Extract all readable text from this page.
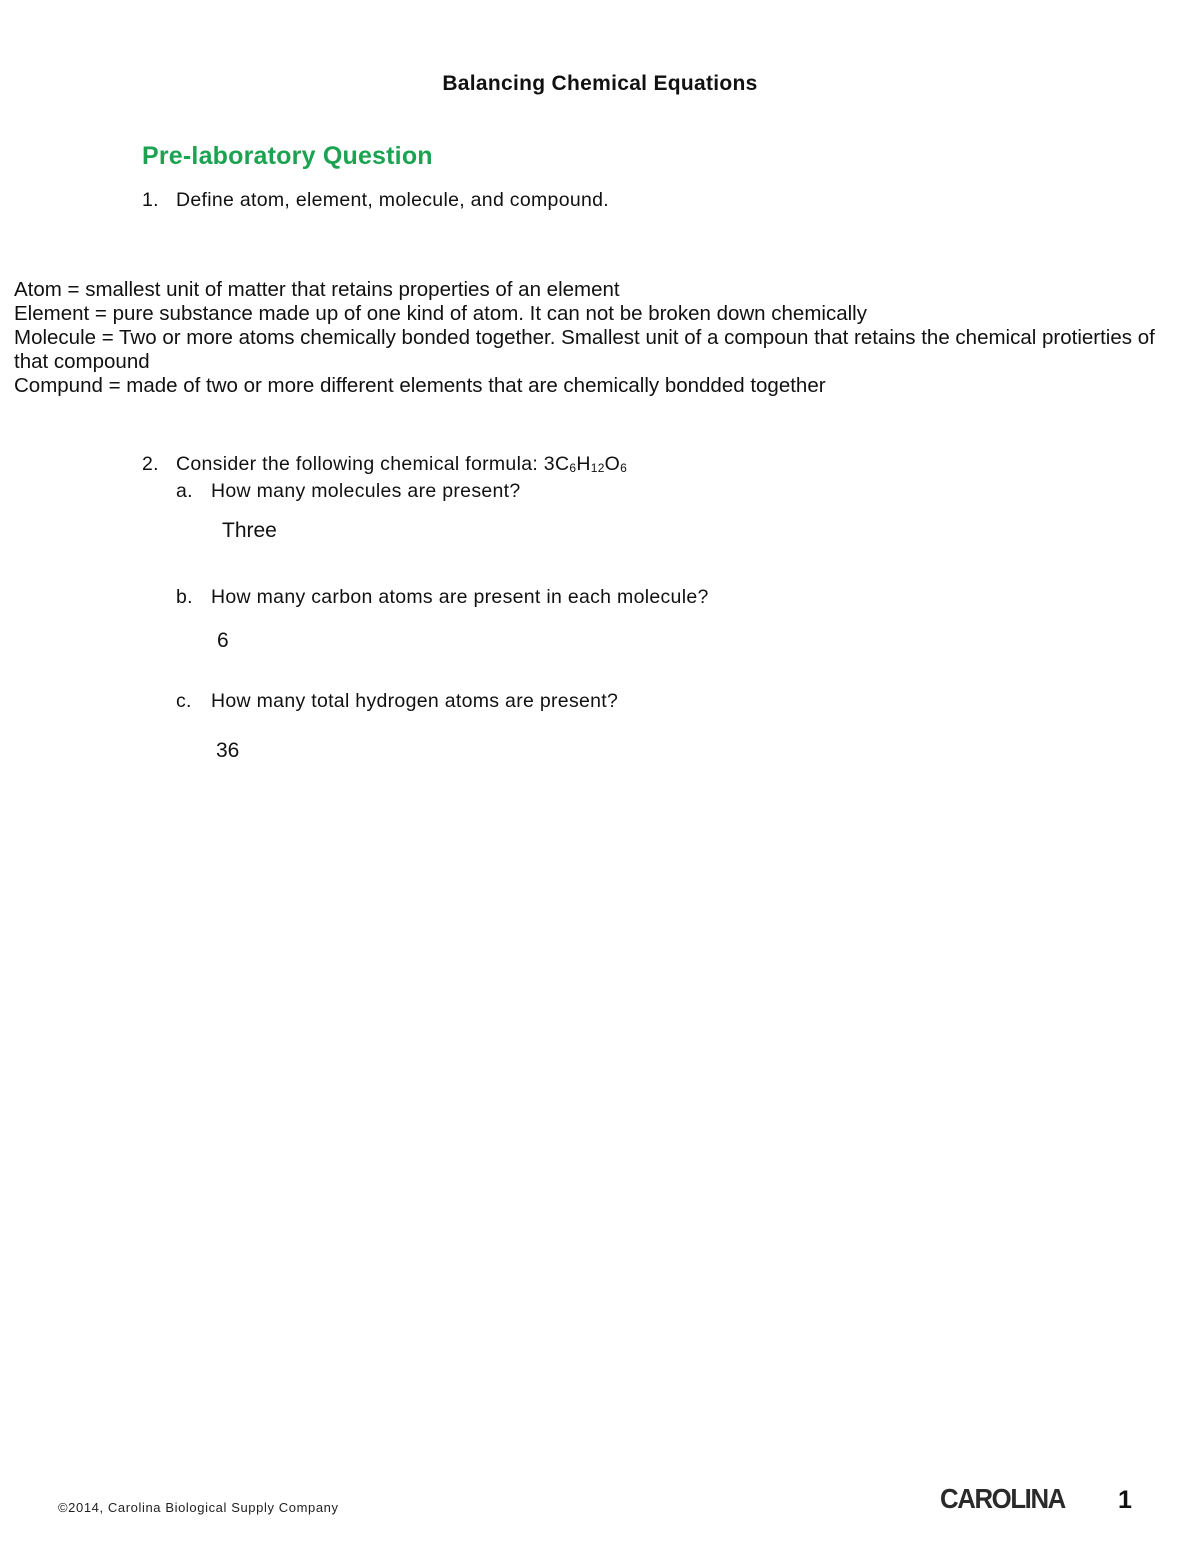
Balancing Chemical Equations
Pre-laboratory Question
1. Define atom, element, molecule, and compound.
Atom = smallest unit of matter that retains properties of an element
Element = pure substance made up of one kind of atom. It can not be broken down chemically
Molecule = Two or more atoms chemically bonded together. Smallest unit of a compoun that retains the chemical protierties of that compound
Compund = made of two or more different elements that are chemically bondded together
2. Consider the following chemical formula: $3C_6H_{12}O_6$
a. How many molecules are present?
Three
b. How many carbon atoms are present in each molecule?
6
c. How many total hydrogen atoms are present?
36
©2014, Carolina Biological Supply Company	CAROLINA 1
